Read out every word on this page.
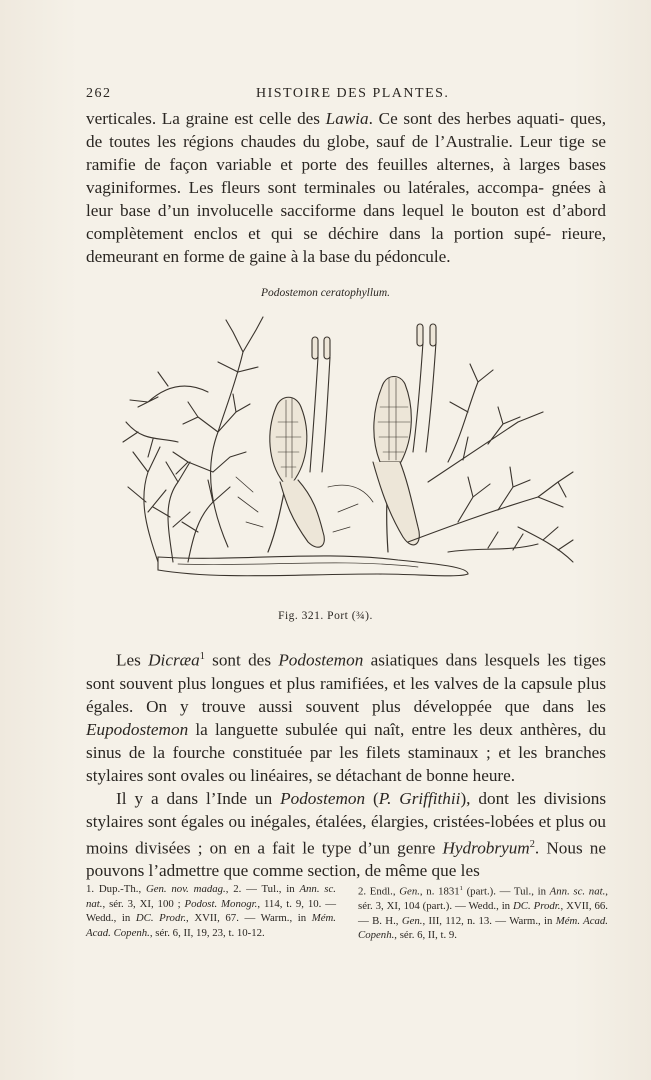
262	HISTOIRE DES PLANTES.
verticales. La graine est celle des Lawia. Ce sont des herbes aquati- ques, de toutes les régions chaudes du globe, sauf de l’Australie. Leur tige se ramifie de façon variable et porte des feuilles alternes, à larges bases vaginiformes. Les fleurs sont terminales ou latérales, accompa- gnées à leur base d’un involucelle sacciforme dans lequel le bouton est d’abord complètement enclos et qui se déchire dans la portion supé- rieure, demeurant en forme de gaine à la base du pédoncule.
Podostemon ceratophyllum.
Fig. 321. Port (¾).
Les Dicræa$^1$ sont des Podostemon asiatiques dans lesquels les tiges sont souvent plus longues et plus ramifiées, et les valves de la capsule plus égales. On y trouve aussi souvent plus développée que dans les Eupodostemon la languette subulée qui naît, entre les deux anthères, du sinus de la fourche constituée par les filets staminaux ; et les branches stylaires sont ovales ou linéaires, se détachant de bonne heure.
Il y a dans l’Inde un Podostemon (P. Griffithii), dont les divisions stylaires sont égales ou inégales, étalées, élargies, cristées-lobées et plus ou moins divisées ; on en a fait le type d’un genre Hydrobryum$^2$. Nous ne pouvons l’admettre que comme section, de même que les
1. Dup.-Th., Gen. nov. madag., 2. — Tul., in Ann. sc. nat., sér. 3, XI, 100 ; Podost. Monogr., 114, t. 9, 10. — Wedd., in DC. Prodr., XVII, 67. — Warm., in Mém. Acad. Copenh., sér. 6, II, 19, 23, t. 10-12.
2. Endl., Gen., n. 1831$^1$ (part.). — Tul., in Ann. sc. nat., sér. 3, XI, 104 (part.). — Wedd., in DC. Prodr., XVII, 66. — B. H., Gen., III, 112, n. 13. — Warm., in Mém. Acad. Copenh., sér. 6, II, t. 9.
